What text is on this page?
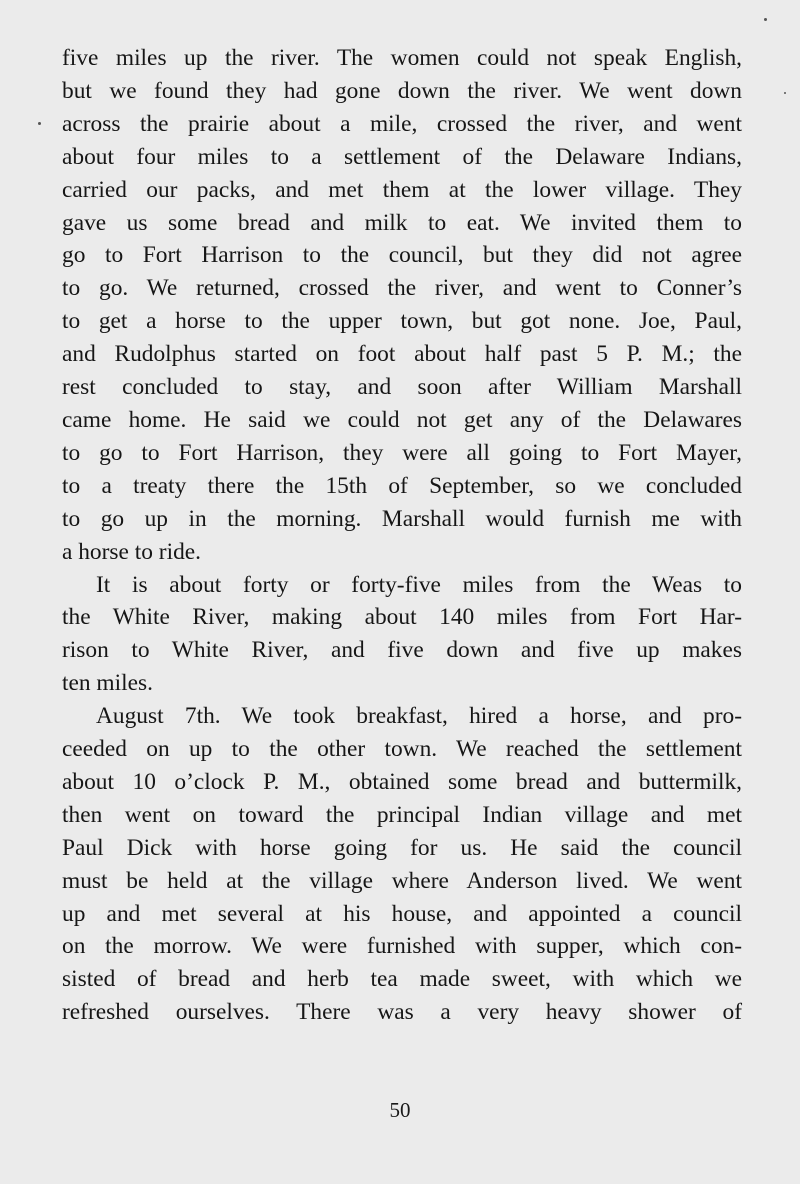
five miles up the river. The women could not speak English,
but we found they had gone down the river. We went down
across the prairie about a mile, crossed the river, and went
about four miles to a settlement of the Delaware Indians,
carried our packs, and met them at the lower village. They
gave us some bread and milk to eat. We invited them to
go to Fort Harrison to the council, but they did not agree
to go. We returned, crossed the river, and went to Conner’s
to get a horse to the upper town, but got none. Joe, Paul,
and Rudolphus started on foot about half past 5 P. M.; the
rest concluded to stay, and soon after William Marshall
came home. He said we could not get any of the Delawares
to go to Fort Harrison, they were all going to Fort Mayer,
to a treaty there the 15th of September, so we concluded
to go up in the morning. Marshall would furnish me with
a horse to ride.
It is about forty or forty-five miles from the Weas to
the White River, making about 140 miles from Fort Har-
rison to White River, and five down and five up makes
ten miles.
August 7th. We took breakfast, hired a horse, and pro-
ceeded on up to the other town. We reached the settlement
about 10 o’clock P. M., obtained some bread and buttermilk,
then went on toward the principal Indian village and met
Paul Dick with horse going for us. He said the council
must be held at the village where Anderson lived. We went
up and met several at his house, and appointed a council
on the morrow. We were furnished with supper, which con-
sisted of bread and herb tea made sweet, with which we
refreshed ourselves. There was a very heavy shower of
50
